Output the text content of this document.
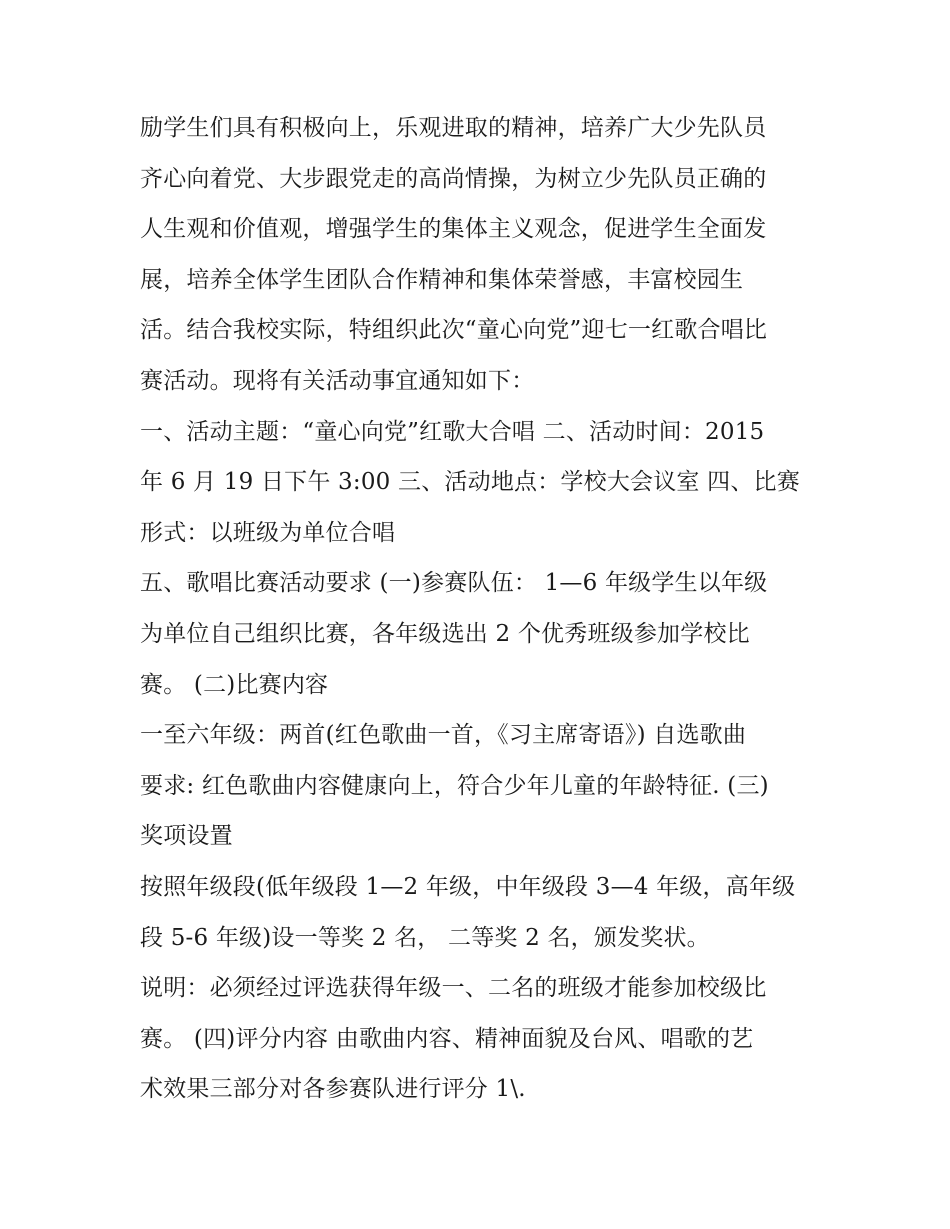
励学生们具有积极向上，乐观进取的精神，培养广大少先队员
齐心向着党、大步跟党走的高尚情操，为树立少先队员正确的
人生观和价值观，增强学生的集体主义观念，促进学生全面发
展，培养全体学生团队合作精神和集体荣誉感，丰富校园生
活。结合我校实际，特组织此次“童心向党”迎七一红歌合唱比
赛活动。现将有关活动事宜通知如下：
一、活动主题：“童心向党”红歌大合唱 二、活动时间：2015
年 6 月 19 日下午 3:00 三、活动地点：学校大会议室 四、比赛
形式：以班级为单位合唱
五、歌唱比赛活动要求 (一)参赛队伍： 1—6 年级学生以年级
为单位自己组织比赛，各年级选出 2 个优秀班级参加学校比
赛。 (二)比赛内容
一至六年级：两首(红色歌曲一首，《习主席寄语》) 自选歌曲
要求: 红色歌曲内容健康向上，符合少年儿童的年龄特征. (三)
奖项设置
按照年级段(低年级段 1—2 年级，中年级段 3—4 年级，高年级
段 5-6 年级)设一等奖 2 名， 二等奖 2 名，颁发奖状。
说明：必须经过评选获得年级一、二名的班级才能参加校级比
赛。 (四)评分内容 由歌曲内容、精神面貌及台风、唱歌的艺
术效果三部分对各参赛队进行评分 1\.
